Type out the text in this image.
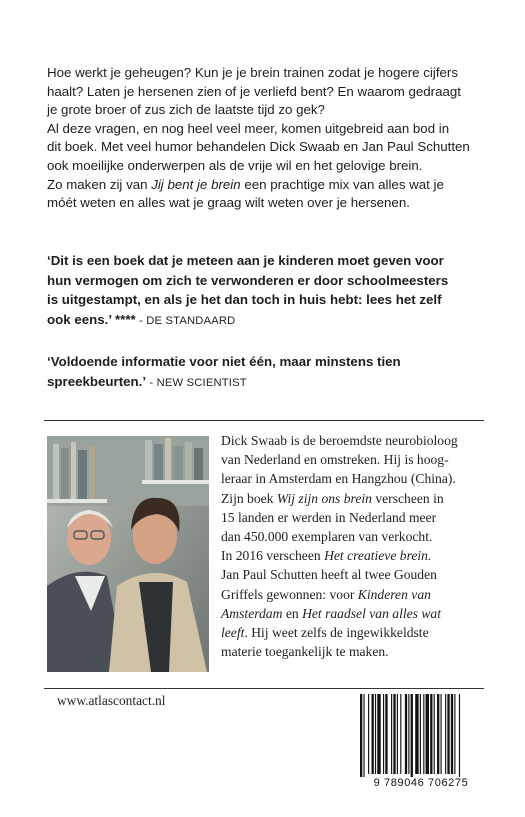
Hoe werkt je geheugen? Kun je je brein trainen zodat je hogere cijfers

haalt? Laten je hersenen zien of je verliefd bent? En waarom gedraagt

je grote broer of zus zich de laatste tijd zo gek?

Al deze vragen, en nog heel veel meer, komen uitgebreid aan bod in

dit boek. Met veel humor behandelen Dick Swaab en Jan Paul Schutten

ook moeilijke onderwerpen als de vrije wil en het gelovige brein.

Zo maken zij van Jij bent je brein een prachtige mix van alles wat je

móét weten en alles wat je graag wilt weten over je hersenen.

‘Dit is een boek dat je meteen aan je kinderen moet geven voor
hun vermogen om zich te verwonderen er door schoolmeesters
is uitgestampt, en als je het dan toch in huis hebt: lees het zelf
ook eens.’ **** - DE STANDAARD
‘Voldoende informatie voor niet één, maar minstens tien
spreekbeurten.’ - NEW SCIENTIST

Dick Swaab is de beroemdste neurobioloog

van Nederland en omstreken. Hij is hoog-

leraar in Amsterdam en Hangzhou (China).

Zijn boek Wij zijn ons brein verscheen in

15 landen er werden in Nederland meer

dan 450.000 exemplaren van verkocht.

In 2016 verscheen Het creatieve brein.

Jan Paul Schutten heeft al twee Gouden

Griffels gewonnen: voor Kinderen van

Amsterdam en Het raadsel van alles wat

leeft. Hij weet zelfs de ingewikkeldste

materie toegankelijk te maken.

www.atlascontact.nl
9 789046 706275
